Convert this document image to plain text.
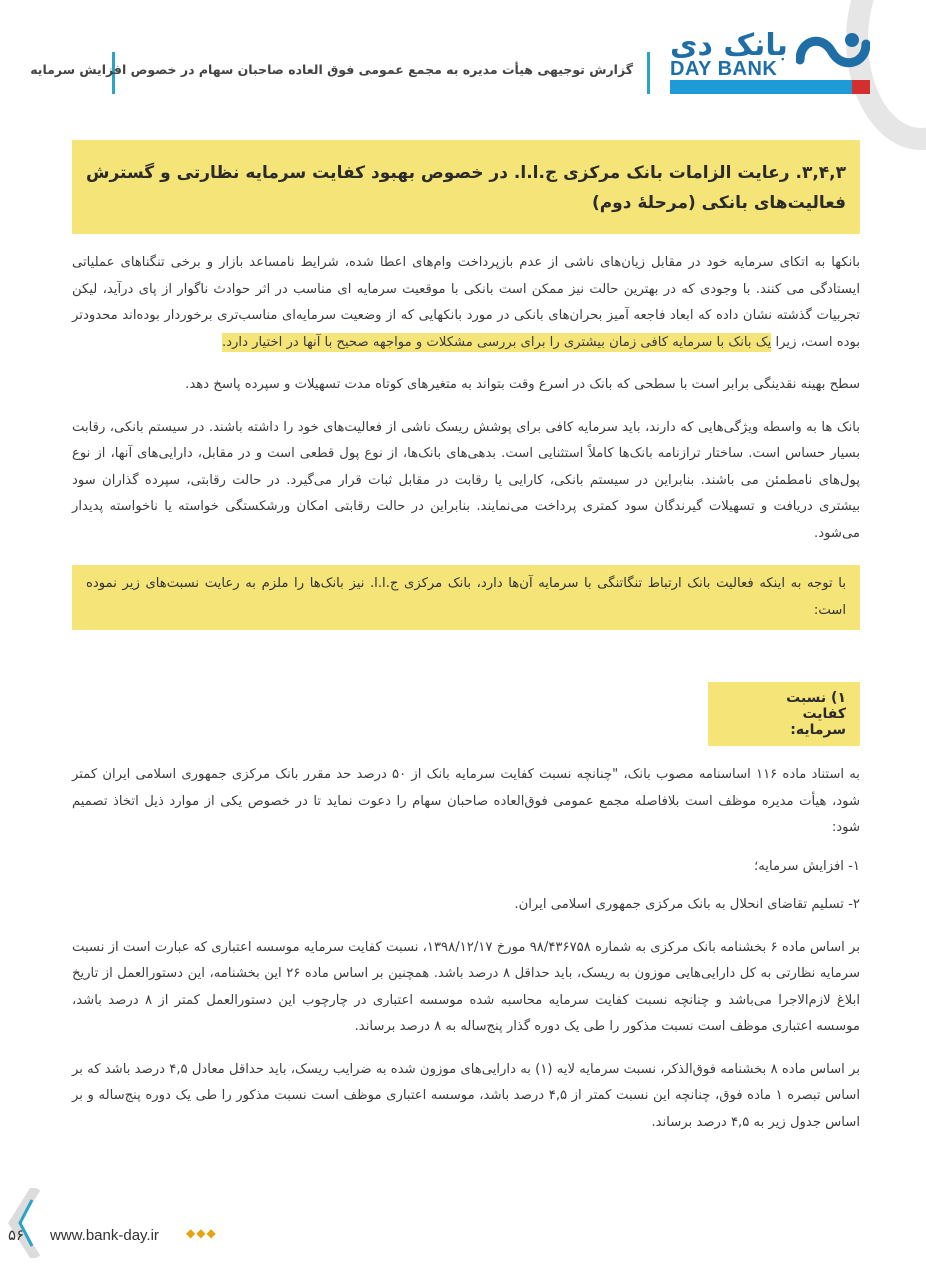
گزارش توجیهی هیأت مدیره به مجمع عمومی فوق العاده صاحبان سهام در خصوص افزایش سرمایه
بانک دی
DAY BANK
۳,۴,۳. رعایت الزامات بانک مرکزی ج.ا.ا. در خصوص بهبود کفایت سرمایه نظارتی و گسترش فعالیت‌های بانکی (مرحلۀ دوم)

بانکها به اتکای سرمایه خود در مقابل زیان‌های ناشی از عدم بازپرداخت وام‌های اعطا شده، شرایط نامساعد بازار و برخی تنگناهای عملیاتی ایستادگی می کنند. با وجودی که در بهترین حالت نیز ممکن است بانکی با موقعیت سرمایه ای مناسب در اثر حوادث ناگوار از پای درآید، لیکن تجربیات گذشته نشان داده که ابعاد فاجعه آمیز بحران‌های بانکی در مورد بانکهایی که از وضعیت سرمایه‌ای مناسب‌تری برخوردار بوده‌اند محدودتر بوده است، زیرا یک بانک با سرمایه کافی زمان بیشتری را برای بررسی مشکلات و مواجهه صحیح با آنها در اختیار دارد.

سطح بهینه نقدینگی برابر است با سطحی که بانک در اسرع وقت بتواند به متغیرهای کوتاه مدت تسهیلات و سپرده پاسخ دهد.

بانک ها به واسطه ویژگی‌هایی که دارند، باید سرمایه کافی برای پوشش ریسک ناشی از فعالیت‌های خود را داشته باشند. در سیستم بانکی، رقابت بسیار حساس است. ساختار ترازنامه بانک‌ها کاملاً استثنایی است. بدهی‌های بانک‌ها، از نوع پول قطعی است و در مقابل، دارایی‌های آنها، از نوع پول‌های نامطمئن می باشند. بنابراین در سیستم بانکی، کارایی یا رقابت در مقابل ثبات قرار می‌گیرد. در حالت رقابتی، سپرده گذاران سود بیشتری دریافت و تسهیلات گیرندگان سود کمتری پرداخت می‌نمایند. بنابراین در حالت رقابتی امکان ورشکستگی خواسته یا ناخواسته پدیدار می‌شود.

با توجه به اینکه فعالیت بانک ارتباط تنگاتنگی با سرمایه آن‌ها دارد، بانک مرکزی ج.ا.ا. نیز بانک‌ها را ملزم به رعایت نسبت‌های زیر نموده است:
۱) نسبت کفایت سرمایه:

به استناد ماده ۱۱۶ اساسنامه مصوب بانک، "چنانچه نسبت کفایت سرمایه بانک از ۵۰ درصد حد مقرر بانک مرکزی جمهوری اسلامی ایران کمتر شود، هیأت مدیره موظف است بلافاصله مجمع عمومی فوق‌العاده صاحبان سهام را دعوت نماید تا در خصوص یکی از موارد ذیل اتخاذ تصمیم شود:

۱- افزایش سرمایه؛
۲- تسلیم تقاضای انحلال به بانک مرکزی جمهوری اسلامی ایران.

بر اساس ماده ۶ بخشنامه بانک مرکزی به شماره ۹۸/۴۳۶۷۵۸ مورخ ۱۳۹۸/۱۲/۱۷، نسبت کفایت سرمایه موسسه اعتباری که عبارت است از نسبت سرمایه نظارتی به کل دارایی‌هایی موزون به ریسک، باید حداقل ۸ درصد باشد. همچنین بر اساس ماده ۲۶ این بخشنامه، این دستورالعمل از تاریخ ابلاغ لازم‌الاجرا می‌باشد و چنانچه نسبت کفایت سرمایه محاسبه شده موسسه اعتباری در چارچوب این دستورالعمل کمتر از ۸ درصد باشد، موسسه اعتباری موظف است نسبت مذکور را طی یک دوره گذار پنج‌ساله به ۸ درصد برساند.

بر اساس ماده ۸ بخشنامه فوق‌الذکر، نسبت سرمایه لایه (۱) به دارایی‌های موزون شده به ضرایب ریسک، باید حداقل معادل ۴,۵ درصد باشد که بر اساس تبصره ۱ ماده فوق، چنانچه این نسبت کمتر از ۴,۵ درصد باشد، موسسه اعتباری موظف است نسبت مذکور را طی یک دوره پنج‌ساله و بر اساس جدول زیر به ۴,۵ درصد برساند.

۵۶ www.bank-day.ir ◆◆◆
